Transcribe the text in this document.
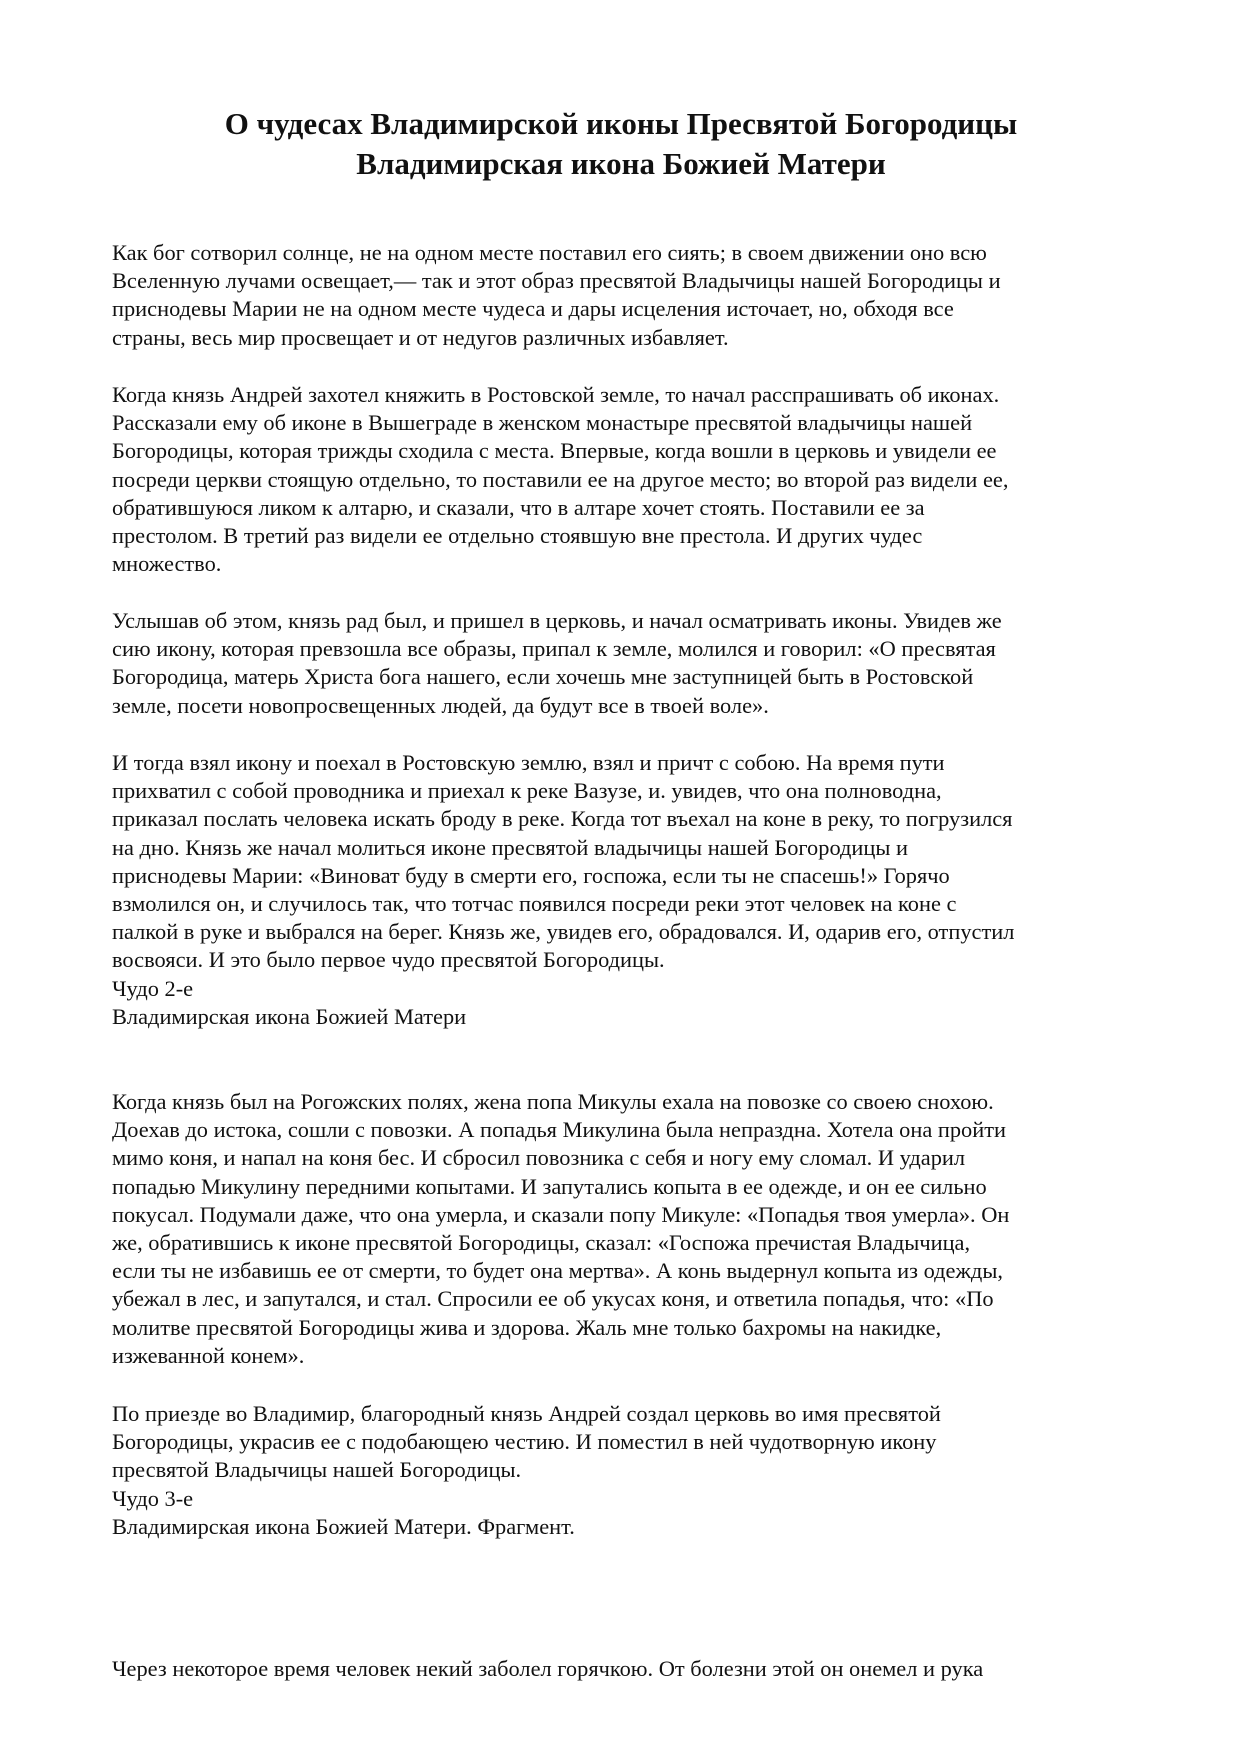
О чудесах Владимирской иконы Пресвятой Богородицы
Владимирская икона Божией Матери
Как бог сотворил солнце, не на одном месте поставил его сиять; в своем движении оно всю
Вселенную лучами освещает,— так и этот образ пресвятой Владычицы нашей Богородицы и
приснодевы Марии не на одном месте чудеса и дары исцеления источает, но, обходя все
страны, весь мир просвещает и от недугов различных избавляет.
Когда князь Андрей захотел княжить в Ростовской земле, то начал расспрашивать об иконах.
Рассказали ему об иконе в Вышеграде в женском монастыре пресвятой владычицы нашей
Богородицы, которая трижды сходила с места. Впервые, когда вошли в церковь и увидели ее
посреди церкви стоящую отдельно, то поставили ее на другое место; во второй раз видели ее,
обратившуюся ликом к алтарю, и сказали, что в алтаре хочет стоять. Поставили ее за
престолом. В третий раз видели ее отдельно стоявшую вне престола. И других чудес
множество.
Услышав об этом, князь рад был, и пришел в церковь, и начал осматривать иконы. Увидев же
сию икону, которая превзошла все образы, припал к земле, молился и говорил: «О пресвятая
Богородица, матерь Христа бога нашего, если хочешь мне заступницей быть в Ростовской
земле, посети новопросвещенных людей, да будут все в твоей воле».
И тогда взял икону и поехал в Ростовскую землю, взял и причт с собою. На время пути
прихватил с собой проводника и приехал к реке Вазузе, и. увидев, что она полноводна,
приказал послать человека искать броду в реке. Когда тот въехал на коне в реку, то погрузился
на дно. Князь же начал молиться иконе пресвятой владычицы нашей Богородицы и
приснодевы Марии: «Виноват буду в смерти его, госпожа, если ты не спасешь!» Горячо
взмолился он, и случилось так, что тотчас появился посреди реки этот человек на коне с
палкой в руке и выбрался на берег. Князь же, увидев его, обрадовался. И, одарив его, отпустил
восвояси. И это было первое чудо пресвятой Богородицы.
Чудо 2-е
Владимирская икона Божией Матери
Когда князь был на Рогожских полях, жена попа Микулы ехала на повозке со своею снохою.
Доехав до истока, сошли с повозки. А попадья Микулина была непраздна. Хотела она пройти
мимо коня, и напал на коня бес. И сбросил повозника с себя и ногу ему сломал. И ударил
попадью Микулину передними копытами. И запутались копыта в ее одежде, и он ее сильно
покусал. Подумали даже, что она умерла, и сказали попу Микуле: «Попадья твоя умерла». Он
же, обратившись к иконе пресвятой Богородицы, сказал: «Госпожа пречистая Владычица,
если ты не избавишь ее от смерти, то будет она мертва». А конь выдернул копыта из одежды,
убежал в лес, и запутался, и стал. Спросили ее об укусах коня, и ответила попадья, что: «По
молитве пресвятой Богородицы жива и здорова. Жаль мне только бахромы на накидке,
изжеванной конем».
По приезде во Владимир, благородный князь Андрей создал церковь во имя пресвятой
Богородицы, украсив ее с подобающею честию. И поместил в ней чудотворную икону
пресвятой Владычицы нашей Богородицы.
Чудо 3-е
Владимирская икона Божией Матери. Фрагмент.
Через некоторое время человек некий заболел горячкою. От болезни этой он онемел и рука
